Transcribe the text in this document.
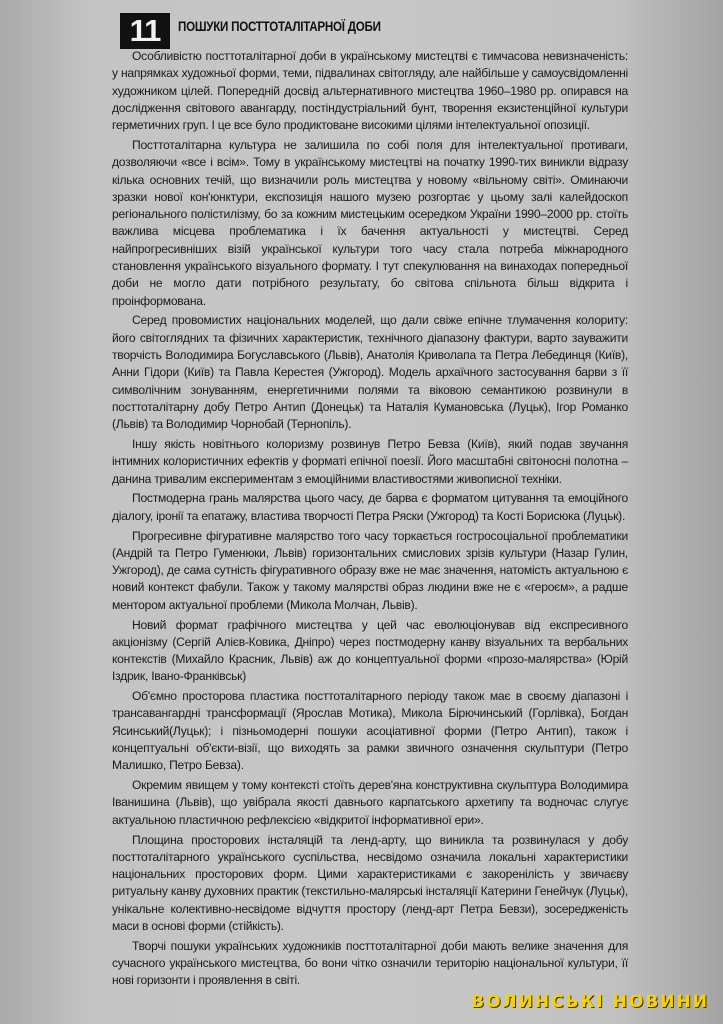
11	ПОШУКИ ПОСТТОТАЛІТАРНОЇ ДОБИ

Особливістю посттоталітарної доби в українському мистецтві є тимчасова невизначеність: у напрямках художньої форми, теми, підвалинах світогляду, але найбільше у самоусвідомленні художником цілей. Попередній досвід альтернативного мистецтва 1960–1980 рр. опирався на дослідження світового авангарду, постіндустріальний бунт, творення екзистенційної культури герметичних груп. І це все було продиктоване високими цілями інтелектуальної опозиції.

Посттоталітарна культура не залишила по собі поля для інтелектуальної противаги, дозволяючи «все і всім». Тому в українському мистецтві на початку 1990-тих виникли відразу кілька основних течій, що визначили роль мистецтва у новому «вільному світі». Оминаючи зразки нової кон'юнктури, експозиція нашого музею розгортає у цьому залі калейдоскоп регіонального полістилізму, бо за кожним мистецьким осередком України 1990–2000 рр. стоїть важлива місцева проблематика і їх бачення актуальності у мистецтві. Серед найпрогресивніших візій української культури того часу стала потреба міжнародного становлення українського візуального формату. І тут спекулювання на винаходах попередньої доби не могло дати потрібного результату, бо світова спільнота більш відкрита і проінформована.

Серед провомистих національних моделей, що дали свіже епічне тлумачення колориту: його світоглядних та фізичних характеристик, технічного діапазону фактури, варто зауважити творчість Володимира Богуславського (Львів), Анатолія Криволапа та Петра Лебединця (Київ), Анни Гідори (Київ) та Павла Керестея (Ужгород). Модель архаїчного застосування барви з її символічним зонуванням, енергетичними полями та віковою семантикою розвинули в посттоталітарну добу Петро Антип (Донецьк) та Наталія Кумановська (Луцьк), Ігор Романко (Львів) та Володимир Чорнобай (Тернопіль).

Іншу якість новітнього колоризму розвинув Петро Бевза (Київ), який подав звучання інтимних колористичних ефектів у форматі епічної поезії. Його масштабні світоносні полотна – данина тривалим експериментам з емоційними властивостями живописної техніки.

Постмодерна грань малярства цього часу, де барва є форматом цитування та емоційного діалогу, іронії та епатажу, властива творчості Петра Ряски (Ужгород) та Кості Борисюка (Луцьк).

Прогресивне фігуративне малярство того часу торкається гостросоціальної проблематики (Андрій та Петро Гуменюки, Львів) горизонтальних смислових зрізів культури (Назар Гулин, Ужгород), де сама сутність фігуративного образу вже не має значення, натомість актуальною є новий контекст фабули. Також у такому малярстві образ людини вже не є «героєм», а радше ментором актуальної проблеми (Микола Молчан, Львів).

Новий формат графічного мистецтва у цей час еволюціонував від експресивного акціонізму (Сергій Алієв-Ковика, Дніпро) через постмодерну канву візуальних та вербальних контекстів (Михайло Красник, Львів) аж до концептуальної форми «прозо-малярства» (Юрій Іздрик, Івано-Франківськ)

Об'ємно просторова пластика посттоталітарного періоду також має в своєму діапазоні і трансавангардні трансформації (Ярослав Мотика), Микола Бірючинський (Горлівка), Богдан Ясинський(Луцьк); і пізньомодерні пошуки асоціативної форми (Петро Антип), також і концептуальні об'єкти-візії, що виходять за рамки звичного означення скульптури (Петро Малишко, Петро Бевза).

Окремим явищем у тому контексті стоїть дерев'яна конструктивна скульптура Володимира Іванишина (Львів), що увібрала якості давнього карпатського архетипу та водночас слугує актуальною пластичною рефлексією «відкритої інформативної ери».

Площина просторових інсталяцій та ленд-арту, що виникла та розвинулася у добу посттоталітарного українського суспільства, несвідомо означила локальні характеристики національних просторових форм. Цими характеристиками є закоренілість у звичаєву ритуальну канву духовних практик (текстильно-малярські інсталяції Катерини Генейчук (Луцьк), унікальне колективно-несвідоме відчуття простору (ленд-арт Петра Бевзи), зосередженість маси в основі форми (стійкість).

Творчі пошуки українських художників посттоталітарної доби мають велике значення для сучасного українського мистецтва, бо вони чітко означили територію національної культури, її нові горизонти і проявлення в світі.

ВОЛИНСЬКІ НОВИНИ
